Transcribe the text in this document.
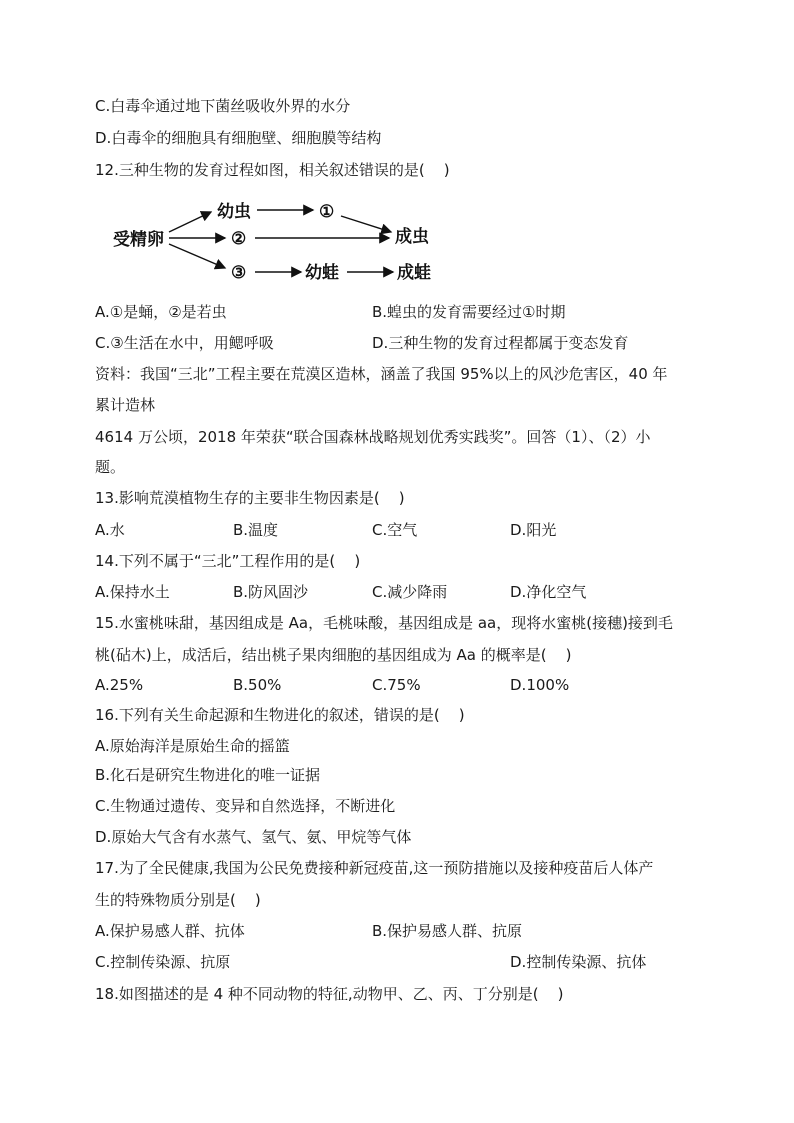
C.白毒伞通过地下菌丝吸收外界的水分
D.白毒伞的细胞具有细胞壁、细胞膜等结构
12.三种生物的发育过程如图，相关叙述错误的是(    )
受精卵
幼虫	①
②	成虫
③	幼蛙	成蛙
A.①是蛹，②是若虫	B.蝗虫的发育需要经过①时期
C.③生活在水中，用鳃呼吸	D.三种生物的发育过程都属于变态发育
资料：我国“三北”工程主要在荒漠区造林，涵盖了我国 95%以上的风沙危害区，40 年
累计造林
4614 万公顷，2018 年荣获“联合国森林战略规划优秀实践奖”。回答（1）、（2）小
题。
13.影响荒漠植物生存的主要非生物因素是(    )
A.水	B.温度	C.空气	D.阳光
14.下列不属于“三北”工程作用的是(    )
A.保持水土	B.防风固沙	C.减少降雨	D.净化空气
15.水蜜桃味甜，基因组成是 Aa，毛桃味酸，基因组成是 aa，现将水蜜桃(接穗)接到毛
桃(砧木)上，成活后，结出桃子果肉细胞的基因组成为 Aa 的概率是(    )
A.25%	B.50%	C.75%	D.100%
16.下列有关生命起源和生物进化的叙述，错误的是(    )
A.原始海洋是原始生命的摇篮
B.化石是研究生物进化的唯一证据
C.生物通过遗传、变异和自然选择，不断进化
D.原始大气含有水蒸气、氢气、氨、甲烷等气体
17.为了全民健康,我国为公民免费接种新冠疫苗,这一预防措施以及接种疫苗后人体产
生的特殊物质分别是(    )
A.保护易感人群、抗体	B.保护易感人群、抗原
C.控制传染源、抗原	D.控制传染源、抗体
18.如图描述的是 4 种不同动物的特征,动物甲、乙、丙、丁分别是(    )
